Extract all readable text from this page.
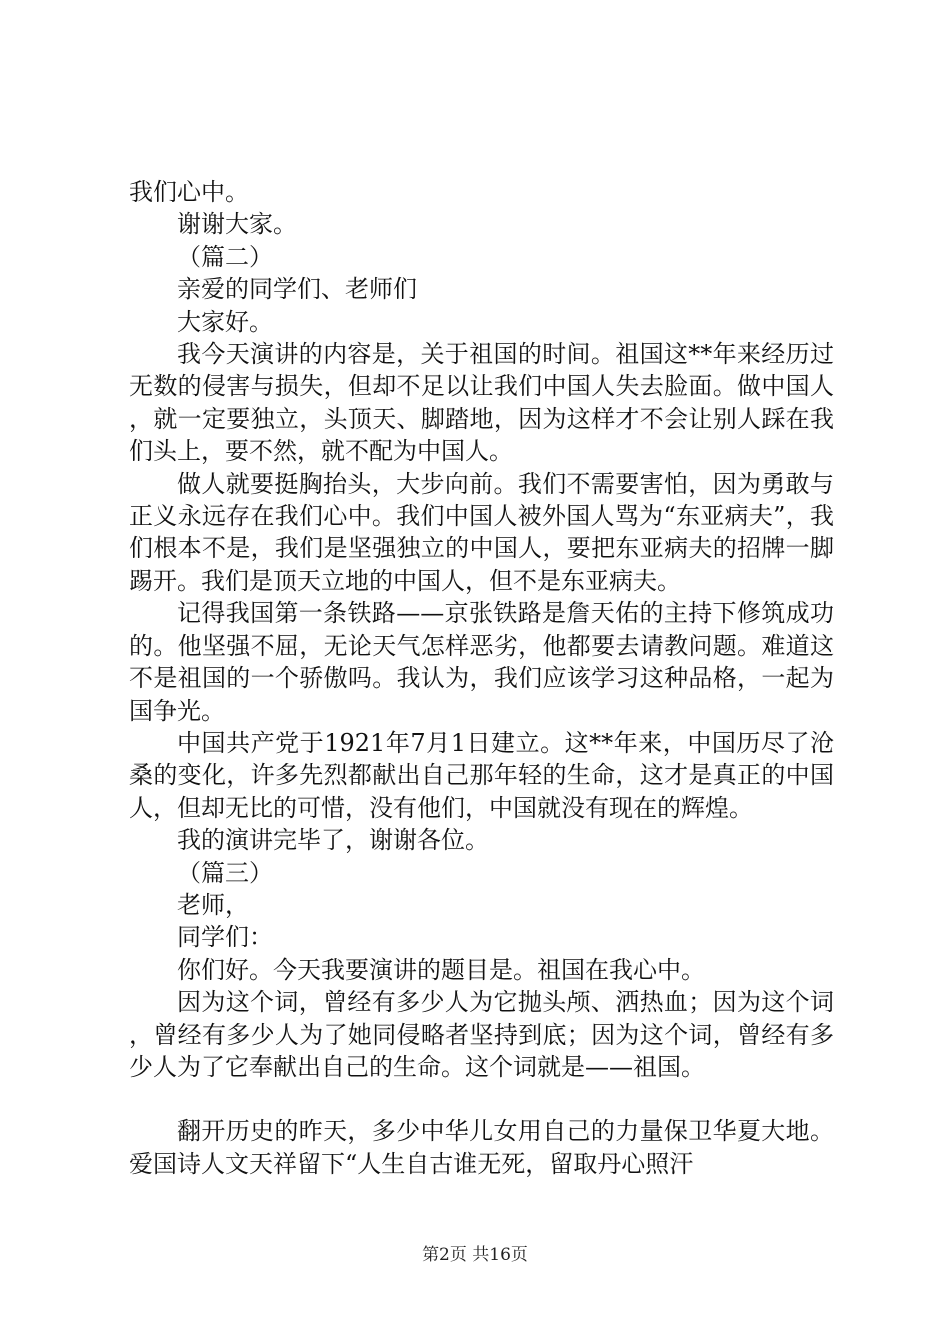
我们心中。

谢谢大家。

（篇二）

亲爱的同学们、老师们

大家好。

我今天演讲的内容是，关于祖国的时间。祖国这**年来经历过无数的侵害与损失，但却不足以让我们中国人失去脸面。做中国人，就一定要独立，头顶天、脚踏地，因为这样才不会让别人踩在我们头上，要不然，就不配为中国人。

做人就要挺胸抬头，大步向前。我们不需要害怕，因为勇敢与正义永远存在我们心中。我们中国人被外国人骂为“东亚病夫”，我们根本不是，我们是坚强独立的中国人，要把东亚病夫的招牌一脚踢开。我们是顶天立地的中国人，但不是东亚病夫。

记得我国第一条铁路——京张铁路是詹天佑的主持下修筑成功的。他坚强不屈，无论天气怎样恶劣，他都要去请教问题。难道这不是祖国的一个骄傲吗。我认为，我们应该学习这种品格，一起为国争光。

中国共产党于1921年7月1日建立。这**年来，中国历尽了沧桑的变化，许多先烈都献出自己那年轻的生命，这才是真正的中国人，但却无比的可惜，没有他们，中国就没有现在的辉煌。

我的演讲完毕了，谢谢各位。

（篇三）

老师，

同学们：

你们好。今天我要演讲的题目是。祖国在我心中。

因为这个词，曾经有多少人为它抛头颅、洒热血；因为这个词，曾经有多少人为了她同侵略者坚持到底；因为这个词，曾经有多少人为了它奉献出自己的生命。这个词就是——祖国。

翻开历史的昨天，多少中华儿女用自己的力量保卫华夏大地。爱国诗人文天祥留下“人生自古谁无死，留取丹心照汗

第2页 共16页
